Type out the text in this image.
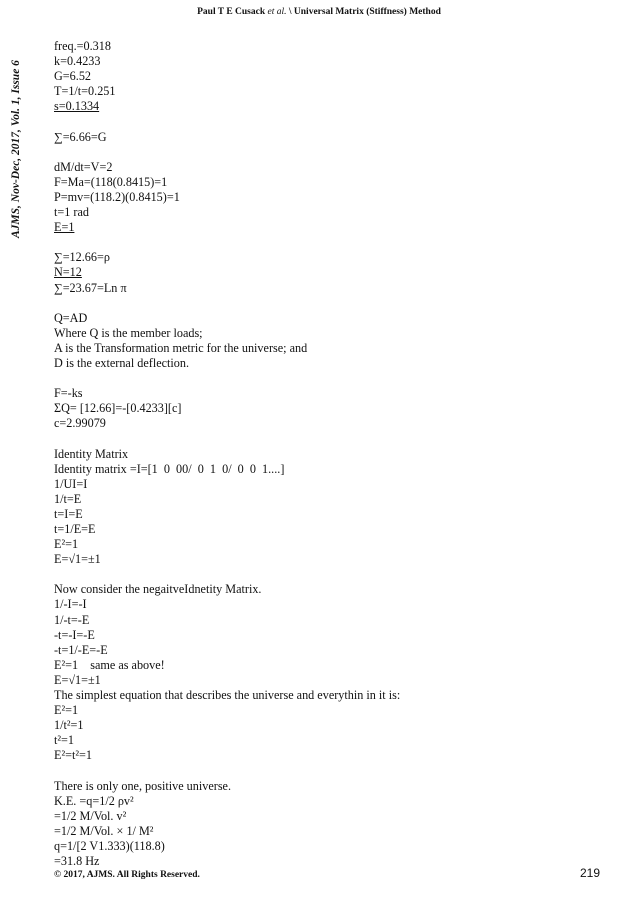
Paul T E Cusack et al. \ Universal Matrix (Stiffness) Method
AJMS, Nov-Dec, 2017, Vol. 1, Issue 6
freq.=0.318
k=0.4233
G=6.52
T=1/t=0.251
s=0.1334
∑=6.66=G
dM/dt=V=2
F=Ma=(118(0.8415)=1
P=mv=(118.2)(0.8415)=1
t=1 rad
E=1
∑=12.66=ρ
N=12
∑=23.67=Ln π
Q=AD
Where Q is the member loads;
A is the Transformation metric for the universe; and
D is the external deflection.
F=-ks
ΣQ= [12.66]=-[0.4233][c]
c=2.99079
Identity Matrix
Identity matrix =I=[1  0  00/  0  1  0/  0  0  1....]
1/UI=I
1/t=E
t=I=E
t=1/E=E
E²=1
E=√1=±1
Now consider the negaitveIdnetity Matrix.
1/-I=-I
1/-t=-E
-t=-I=-E
-t=1/-E=-E
E²=1    same as above!
E=√1=±1
The simplest equation that describes the universe and everythin in it is:
E²=1
1/t²=1
t²=1
E²=t²=1
There is only one, positive universe.
K.E. =q=1/2 ρv²
=1/2 M/Vol. v²
=1/2 M/Vol. × 1/ M²
q=1/[2 V1.333)(118.8)
=31.8 Hz
© 2017, AJMS. All Rights Reserved.	219
